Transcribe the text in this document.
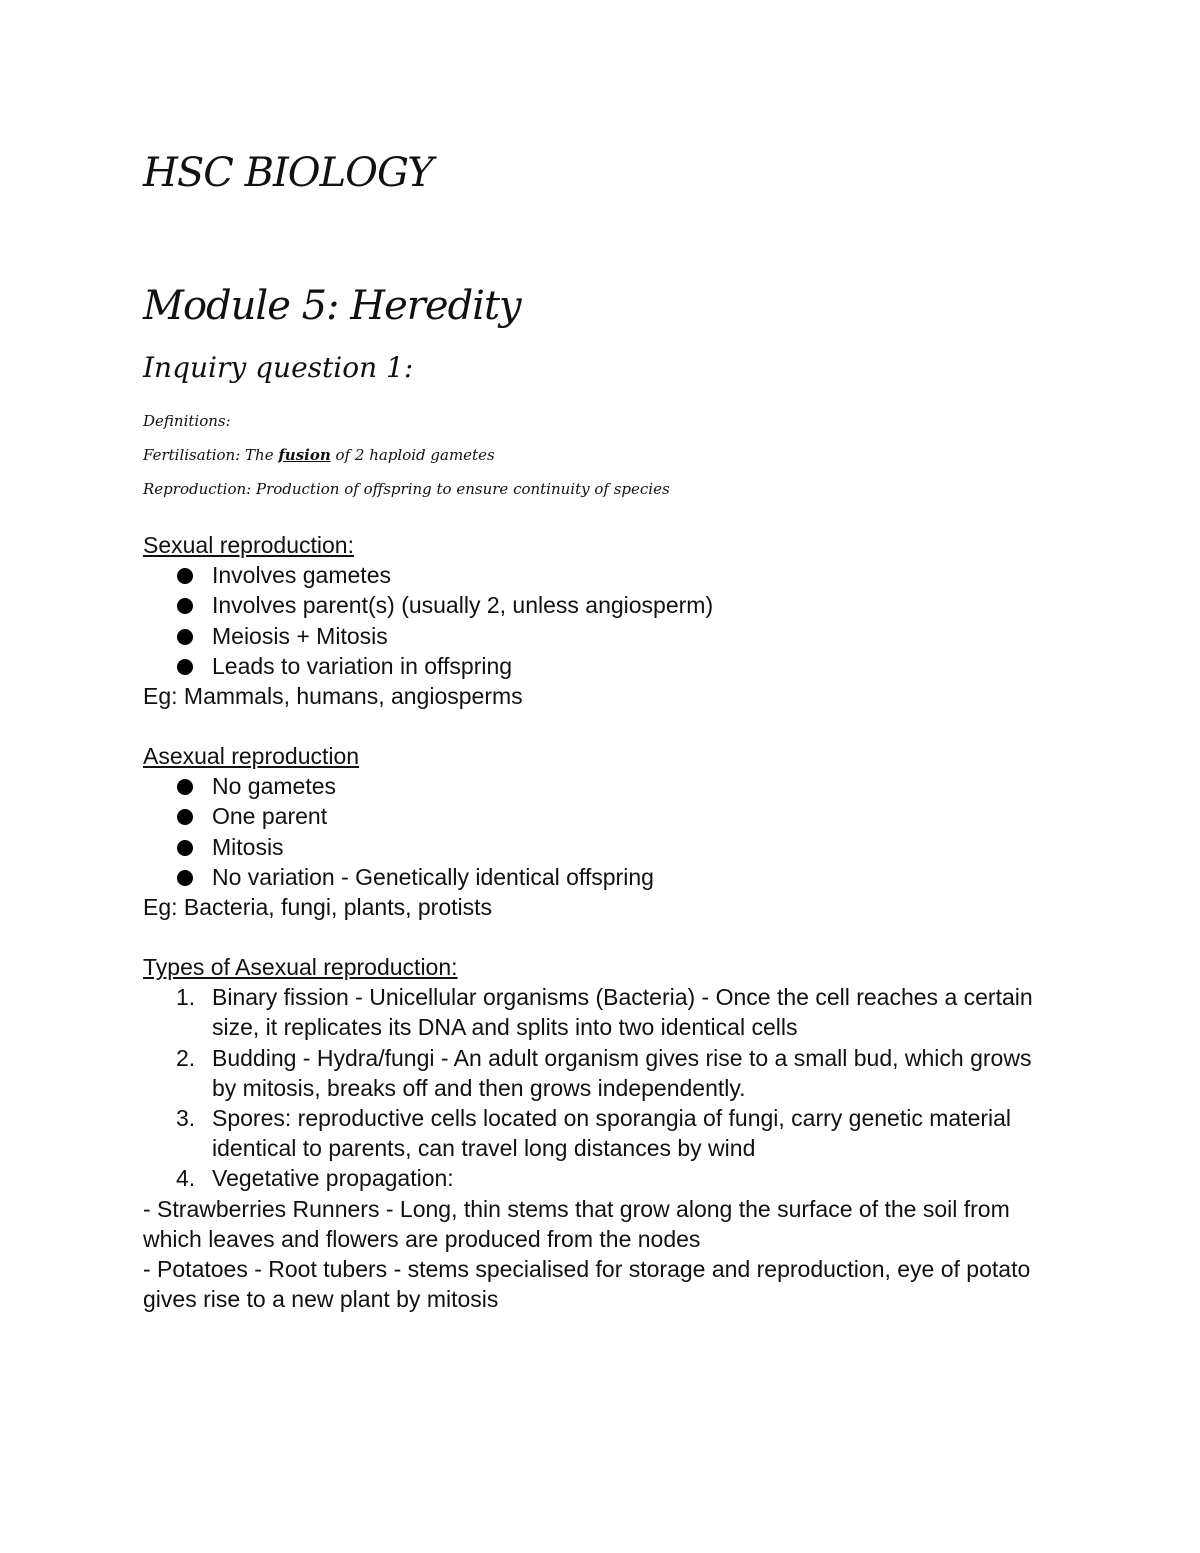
HSC BIOLOGY
Module 5: Heredity
Inquiry question 1:

Definitions:

Fertilisation: The fusion of 2 haploid gametes

Reproduction: Production of offspring to ensure continuity of species

Sexual reproduction:
Involves gametes
Involves parent(s) (usually 2, unless angiosperm)
Meiosis + Mitosis
Leads to variation in offspring

Eg: Mammals, humans, angiosperms

Asexual reproduction
No gametes
One parent
Mitosis
No variation - Genetically identical offspring

Eg: Bacteria, fungi, plants, protists

Types of Asexual reproduction:
1. Binary fission - Unicellular organisms (Bacteria) - Once the cell reaches a certain size, it replicates its DNA and splits into two identical cells
2. Budding - Hydra/fungi - An adult organism gives rise to a small bud, which grows by mitosis, breaks off and then grows independently.
3. Spores: reproductive cells located on sporangia of fungi, carry genetic material identical to parents, can travel long distances by wind
4. Vegetative propagation:

- Strawberries Runners - Long, thin stems that grow along the surface of the soil from which leaves and flowers are produced from the nodes

- Potatoes - Root tubers - stems specialised for storage and reproduction, eye of potato gives rise to a new plant by mitosis
